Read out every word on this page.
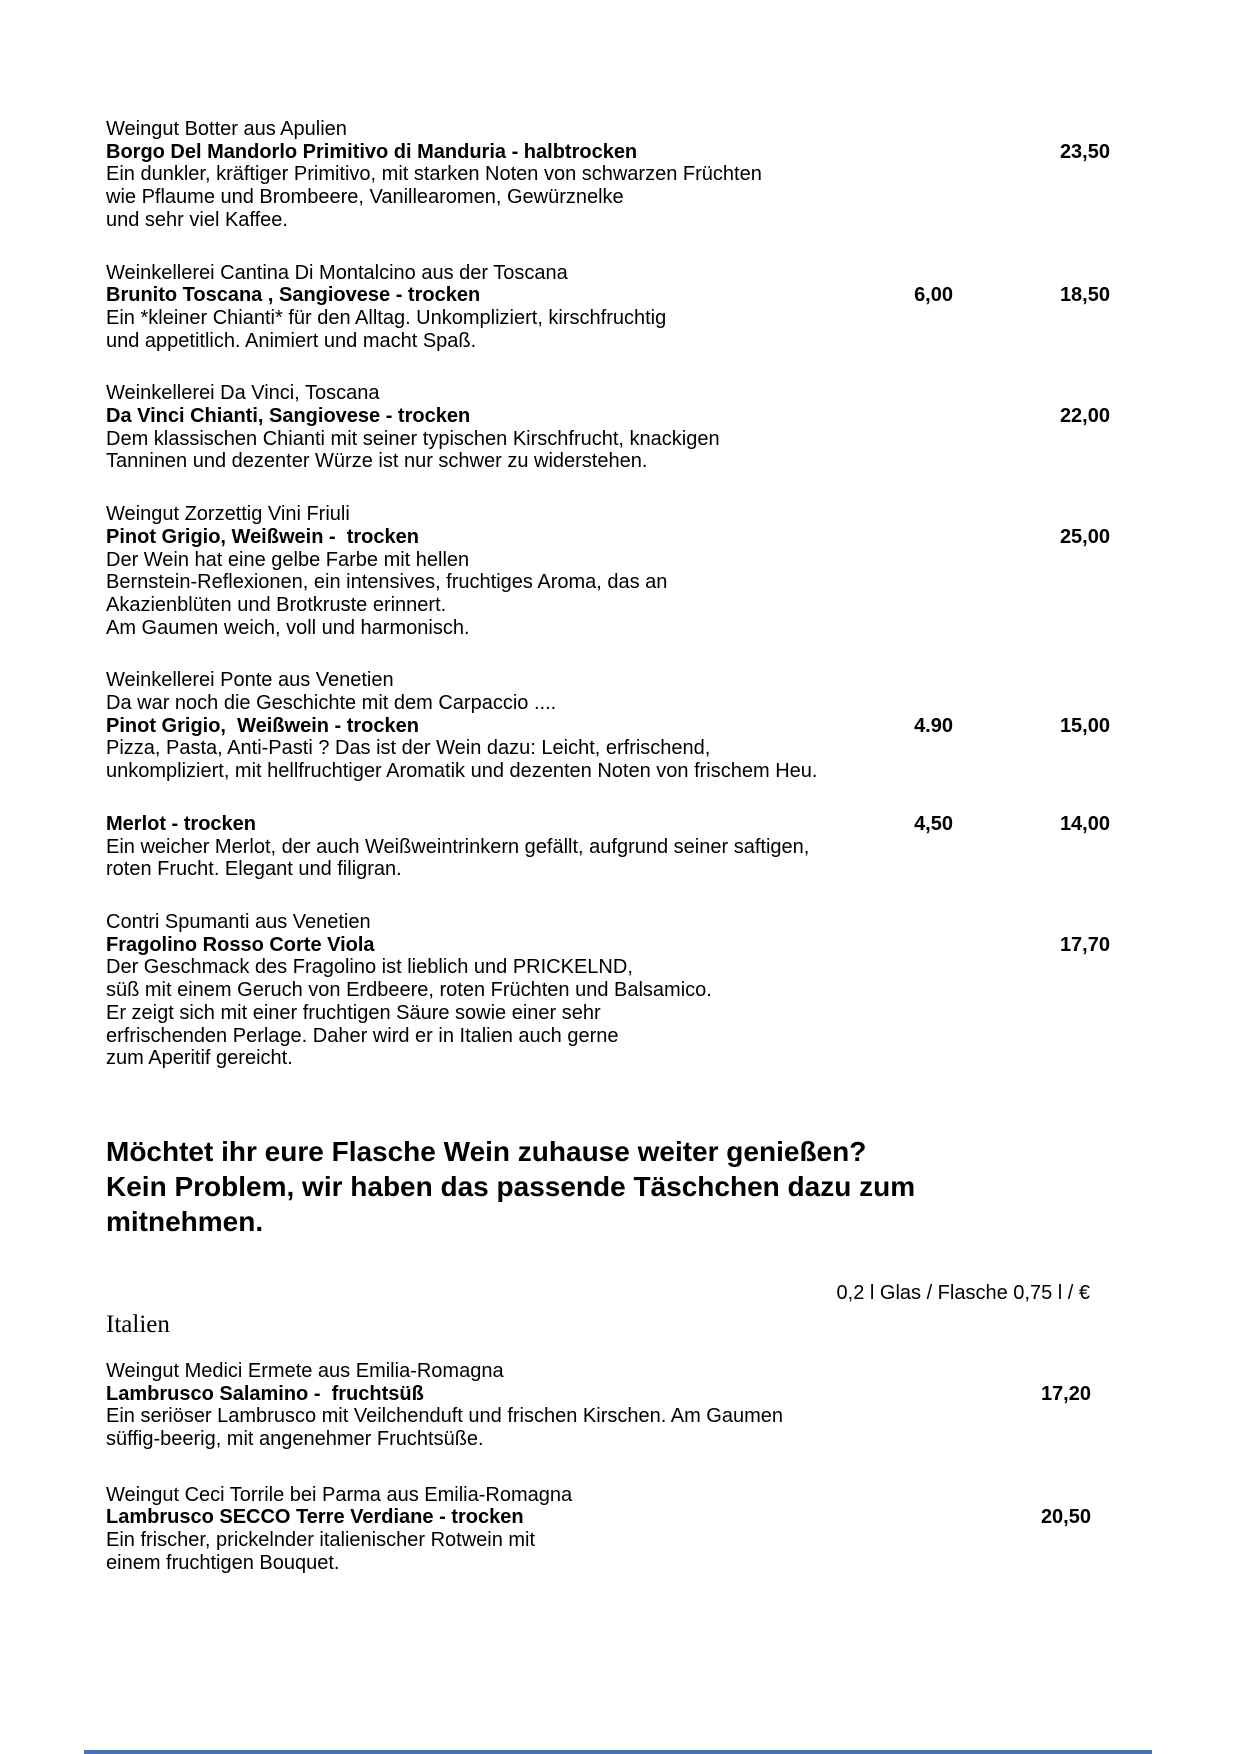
Weingut Botter aus Apulien
Borgo Del Mandorlo Primitivo di Manduria - halbtrocken	23,50
Ein dunkler, kräftiger Primitivo, mit starken Noten von schwarzen Früchten
wie Pflaume und Brombeere, Vanillearomen, Gewürznelke
und sehr viel Kaffee.
Weinkellerei Cantina Di Montalcino aus der Toscana
Brunito Toscana , Sangiovese - trocken	6,00	18,50
Ein *kleiner Chianti* für den Alltag. Unkompliziert, kirschfruchtig
und appetitlich. Animiert und macht Spaß.
Weinkellerei Da Vinci, Toscana
Da Vinci Chianti, Sangiovese - trocken	22,00
Dem klassischen Chianti mit seiner typischen Kirschfrucht, knackigen
Tanninen und dezenter Würze ist nur schwer zu widerstehen.
Weingut Zorzettig Vini Friuli
Pinot Grigio, Weißwein -  trocken	25,00
Der Wein hat eine gelbe Farbe mit hellen
Bernstein-Reflexionen, ein intensives, fruchtiges Aroma, das an
Akazienblüten und Brotkruste erinnert.
Am Gaumen weich, voll und harmonisch.
Weinkellerei Ponte aus Venetien
Da war noch die Geschichte mit dem Carpaccio ....
Pinot Grigio,  Weißwein - trocken	4.90	15,00
Pizza, Pasta, Anti-Pasti ? Das ist der Wein dazu: Leicht, erfrischend,
unkompliziert, mit hellfruchtiger Aromatik und dezenten Noten von frischem Heu.
Merlot - trocken	4,50	14,00
Ein weicher Merlot, der auch Weißweintrinkern gefällt, aufgrund seiner saftigen,
roten Frucht. Elegant und filigran.
Contri Spumanti aus Venetien
Fragolino Rosso Corte Viola	17,70
Der Geschmack des Fragolino ist lieblich und PRICKELND,
süß mit einem Geruch von Erdbeere, roten Früchten und Balsamico.
Er zeigt sich mit einer fruchtigen Säure sowie einer sehr
erfrischenden Perlage. Daher wird er in Italien auch gerne
zum Aperitif gereicht.
Möchtet ihr eure Flasche Wein zuhause weiter genießen?
Kein Problem, wir haben das passende Täschchen dazu zum
mitnehmen.
0,2 l Glas / Flasche 0,75 l / €
Italien
Weingut Medici Ermete aus Emilia-Romagna
Lambrusco Salamino -  fruchtsüß	17,20
Ein seriöser Lambrusco mit Veilchenduft und frischen Kirschen. Am Gaumen
süffig-beerig, mit angenehmer Fruchtsüße.
Weingut Ceci Torrile bei Parma aus Emilia-Romagna
Lambrusco SECCO Terre Verdiane - trocken	20,50
Ein frischer, prickelnder italienischer Rotwein mit
einem fruchtigen Bouquet.
